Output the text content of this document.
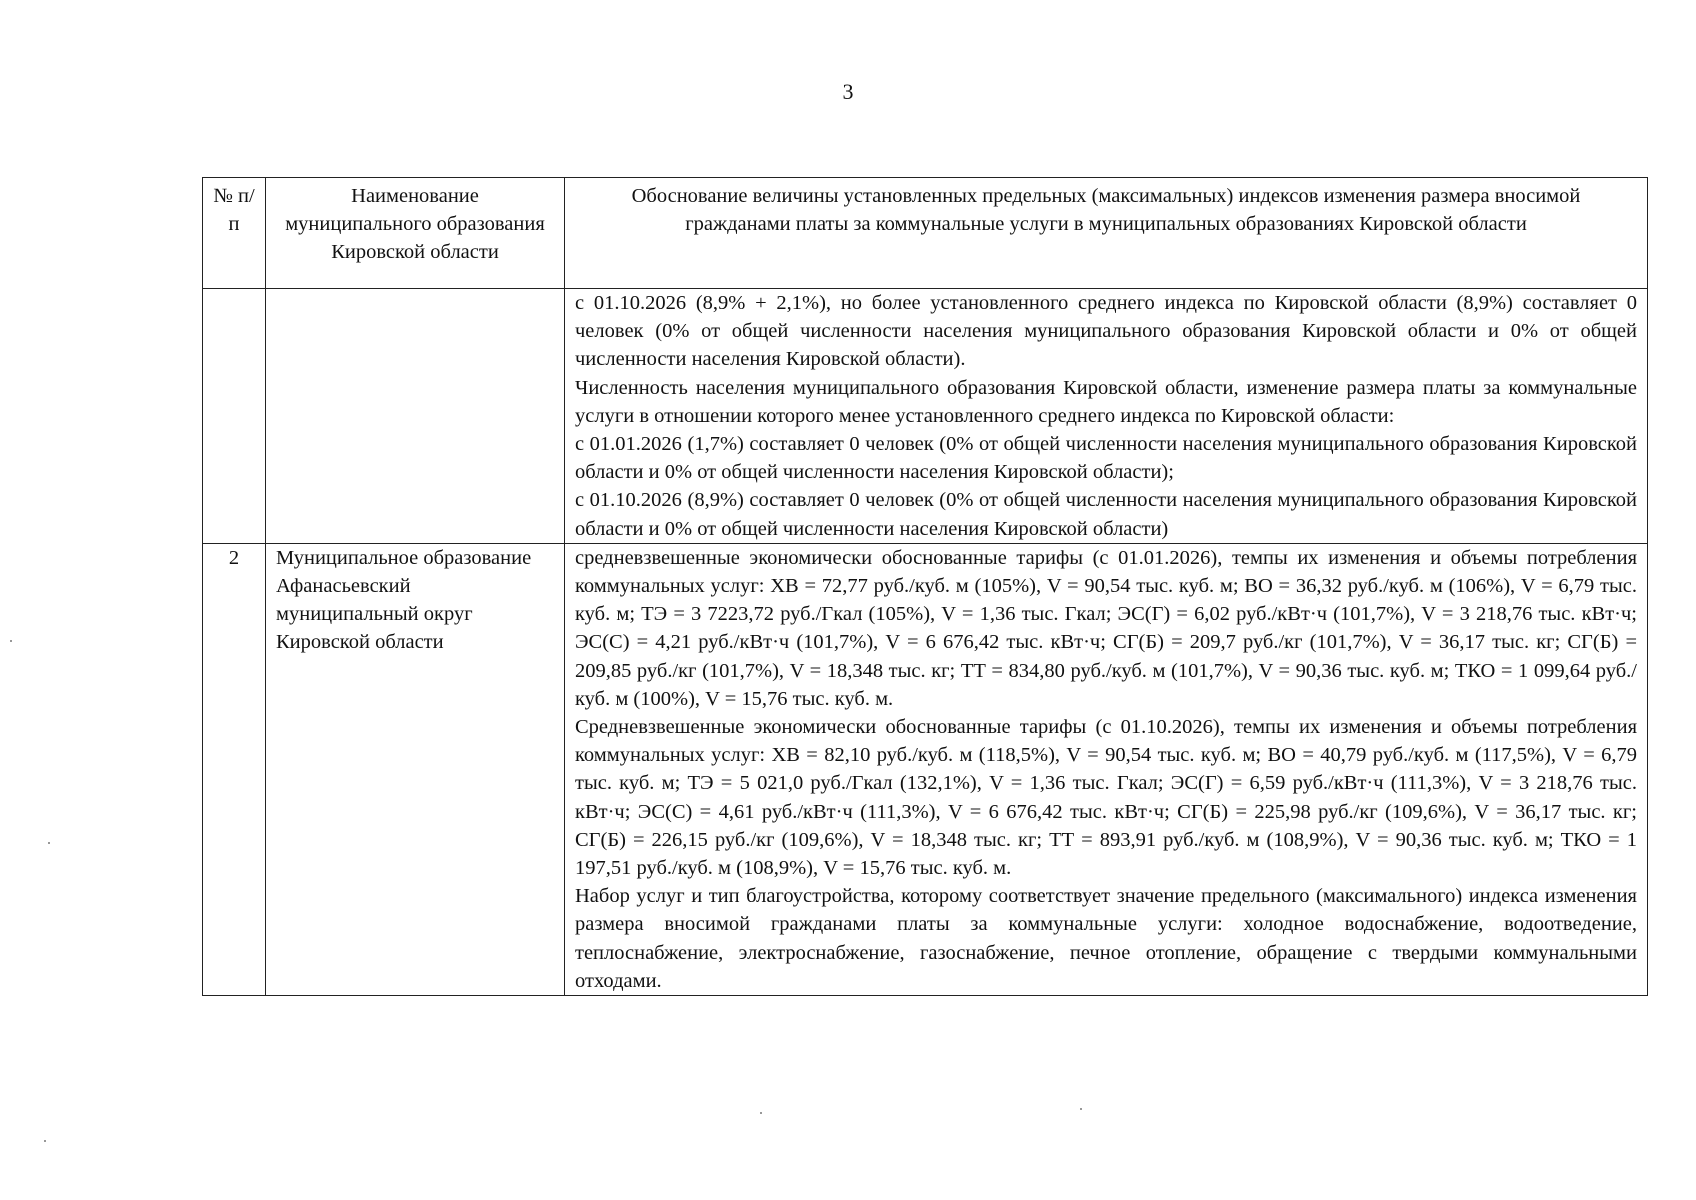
3
№ п/п	Наименование муниципального образования Кировской области	Обоснование величины установленных предельных (максимальных) индексов изменения размера вносимой гражданами платы за коммунальные услуги в муниципальных образованиях Кировской области

		с 01.10.2026 (8,9% + 2,1%), но более установленного среднего индекса по Кировской области (8,9%) составляет 0 человек (0% от общей численности населения муниципального образования Кировской области и 0% от общей численности населения Кировской области).

Численность населения муниципального образования Кировской области, изменение размера платы за коммунальные услуги в отношении которого менее установленного среднего индекса по Кировской области:

с 01.01.2026 (1,7%) составляет 0 человек (0% от общей численности населения муниципального образования Кировской области и 0% от общей численности населения Кировской области);

с 01.10.2026 (8,9%) составляет 0 человек (0% от общей численности населения муниципального образования Кировской области и 0% от общей численности населения Кировской области)

2	Муниципальное образование Афанасьевский муниципальный округ Кировской области	средневзвешенные экономически обоснованные тарифы (с 01.01.2026), темпы их изменения и объемы потребления коммунальных услуг: ХВ = 72,77 руб./куб. м (105%), V = 90,54 тыс. куб. м; ВО = 36,32 руб./куб. м (106%), V = 6,79 тыс. куб. м; ТЭ = 3 7223,72 руб./Гкал (105%), V = 1,36 тыс. Гкал; ЭС(Г) = 6,02 руб./кВт·ч (101,7%), V = 3 218,76 тыс. кВт·ч; ЭС(С) = 4,21 руб./кВт·ч (101,7%), V = 6 676,42 тыс. кВт·ч; СГ(Б) = 209,7 руб./кг (101,7%), V = 36,17 тыс. кг; СГ(Б) = 209,85 руб./кг (101,7%), V = 18,348 тыс. кг; ТТ = 834,80 руб./куб. м (101,7%), V = 90,36 тыс. куб. м; ТКО = 1 099,64 руб./куб. м (100%), V = 15,76 тыс. куб. м.

Средневзвешенные экономически обоснованные тарифы (с 01.10.2026), темпы их изменения и объемы потребления коммунальных услуг: ХВ = 82,10 руб./куб. м (118,5%), V = 90,54 тыс. куб. м; ВО = 40,79 руб./куб. м (117,5%), V = 6,79 тыс. куб. м; ТЭ = 5 021,0 руб./Гкал (132,1%), V = 1,36 тыс. Гкал; ЭС(Г) = 6,59 руб./кВт·ч (111,3%), V = 3 218,76 тыс. кВт·ч; ЭС(С) = 4,61 руб./кВт·ч (111,3%), V = 6 676,42 тыс. кВт·ч; СГ(Б) = 225,98 руб./кг (109,6%), V = 36,17 тыс. кг; СГ(Б) = 226,15 руб./кг (109,6%), V = 18,348 тыс. кг; ТТ = 893,91 руб./куб. м (108,9%), V = 90,36 тыс. куб. м; ТКО = 1 197,51 руб./куб. м (108,9%), V = 15,76 тыс. куб. м.

Набор услуг и тип благоустройства, которому соответствует значение предельного (максимального) индекса изменения размера вносимой гражданами платы за коммунальные услуги: холодное водоснабжение, водоотведение, теплоснабжение, электроснабжение, газоснабжение, печное отопление, обращение с твердыми коммунальными отходами.
